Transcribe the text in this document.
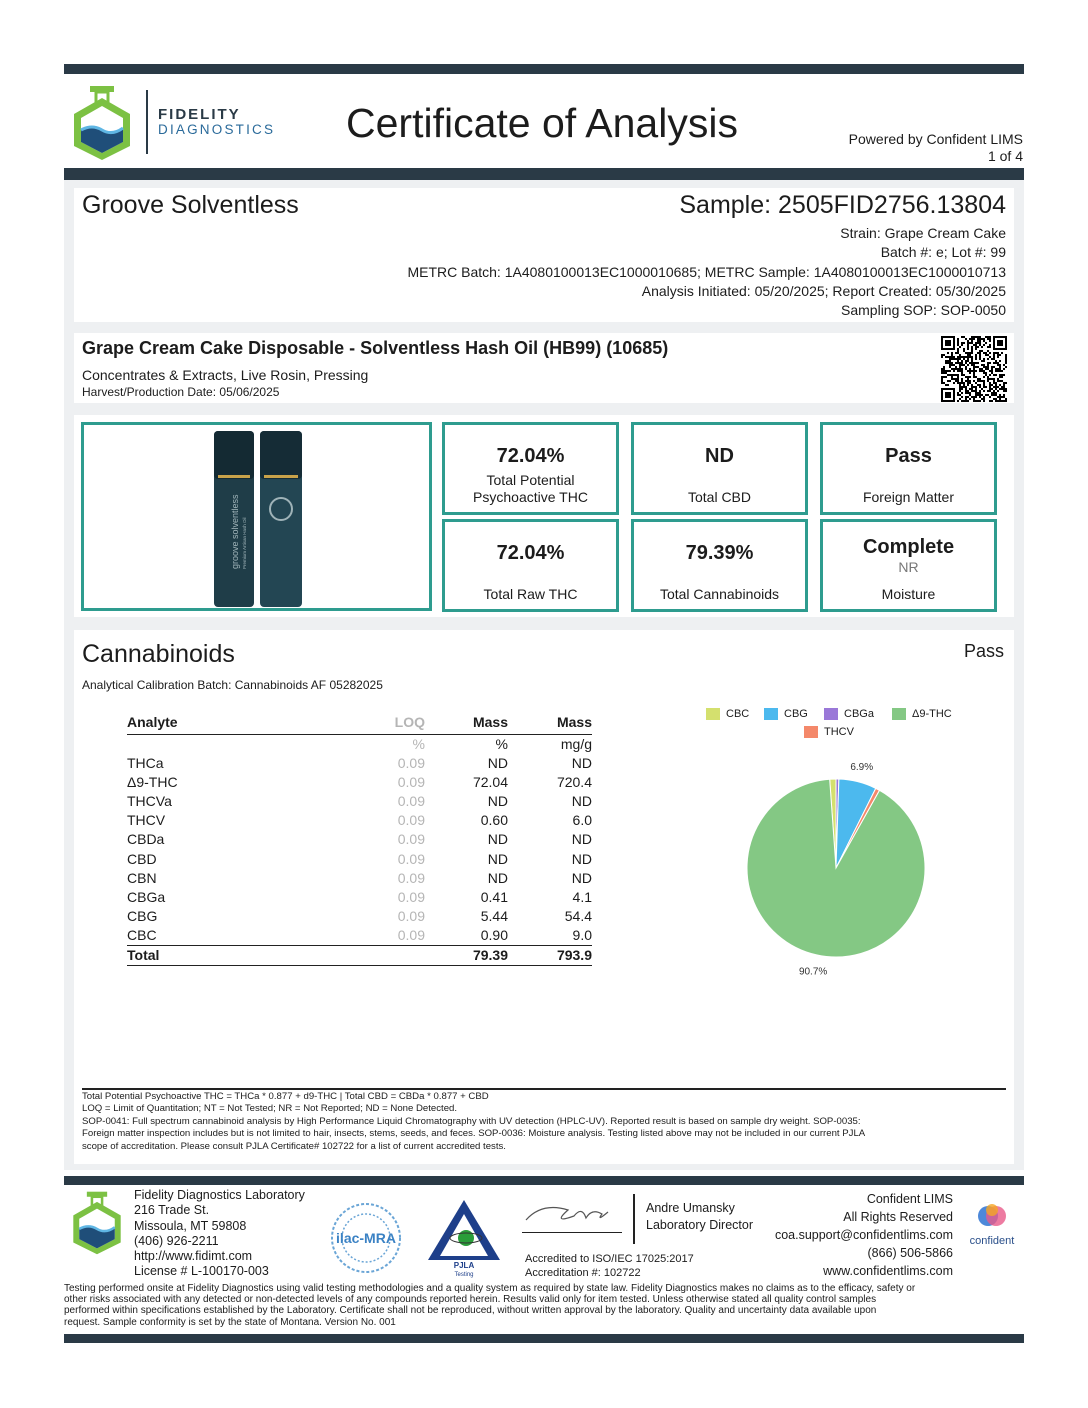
FIDELITY
DIAGNOSTICS Certificate of Analysis	Powered by Confident LIMS
1 of 4
Groove Solventless	Sample: 2505FID2756.13804
Strain: Grape Cream Cake
Batch #: e; Lot #: 99
METRC Batch: 1A4080100013EC1000010685; METRC Sample: 1A4080100013EC1000010713
Analysis Initiated: 05/20/2025; Report Created: 05/30/2025
Sampling SOP: SOP-0050
Grape Cream Cake Disposable - Solventless Hash Oil (HB99) (10685)
Concentrates & Extracts, Live Rosin, Pressing
Harvest/Production Date: 05/06/2025
groove solventless Premium Artisan Hash Oil
72.04%
Total Potential
Psychoactive THC
ND
Total CBD
Pass
Foreign Matter
72.04%
Total Raw THC
79.39%
Total Cannabinoids
Complete
NR
Moisture
Cannabinoids	Pass
Analytical Calibration Batch: Cannabinoids AF 05282025
Analyte	LOQ	Mass	Mass
	%	%	mg/g
THCa	0.09	ND	ND
Δ9-THC	0.09	72.04	720.4
THCVa	0.09	ND	ND
THCV	0.09	0.60	6.0
CBDa	0.09	ND	ND
CBD	0.09	ND	ND
CBN	0.09	ND	ND
CBGa	0.09	0.41	4.1
CBG	0.09	5.44	54.4
CBC	0.09	0.90	9.0
Total		79.39	793.9
CBC	CBG	CBGa	Δ9-THC
THCV
6.9%
90.7%
Total Potential Psychoactive THC = THCa * 0.877 + d9-THC | Total CBD = CBDa * 0.877 + CBD
LOQ = Limit of Quantitation; NT = Not Tested; NR = Not Reported; ND = None Detected.
SOP-0041: Full spectrum cannabinoid analysis by High Performance Liquid Chromatography with UV detection (HPLC-UV). Reported result is based on sample dry weight. SOP-0035:
Foreign matter inspection includes but is not limited to hair, insects, stems, seeds, and feces. SOP-0036: Moisture analysis. Testing listed above may not be included in our current PJLA
scope of accreditation. Please consult PJLA Certificate# 102722 for a list of current accredited tests.
Fidelity Diagnostics Laboratory
216 Trade St.
Missoula, MT 59808
(406) 926-2211
http://www.fidimt.com
License # L-100170-003
ilac-MRA
PJLA
Testing
Andre Umansky
Laboratory Director
Accredited to ISO/IEC 17025:2017
Accreditation #: 102722
Confident LIMS
All Rights Reserved
coa.support@confidentlims.com
(866) 506-5866
www.confidentlims.com
confident
Testing performed onsite at Fidelity Diagnostics using valid testing methodologies and a quality system as required by state law. Fidelity Diagnostics makes no claims as to the efficacy, safety or
other risks associated with any detected or non-detected levels of any compounds reported herein. Results valid only for item tested. Unless otherwise stated all quality control samples
performed within specifications established by the Laboratory. Certificate shall not be reproduced, without written approval by the laboratory. Quality and uncertainty data available upon
request. Sample conformity is set by the state of Montana. Version No. 001
